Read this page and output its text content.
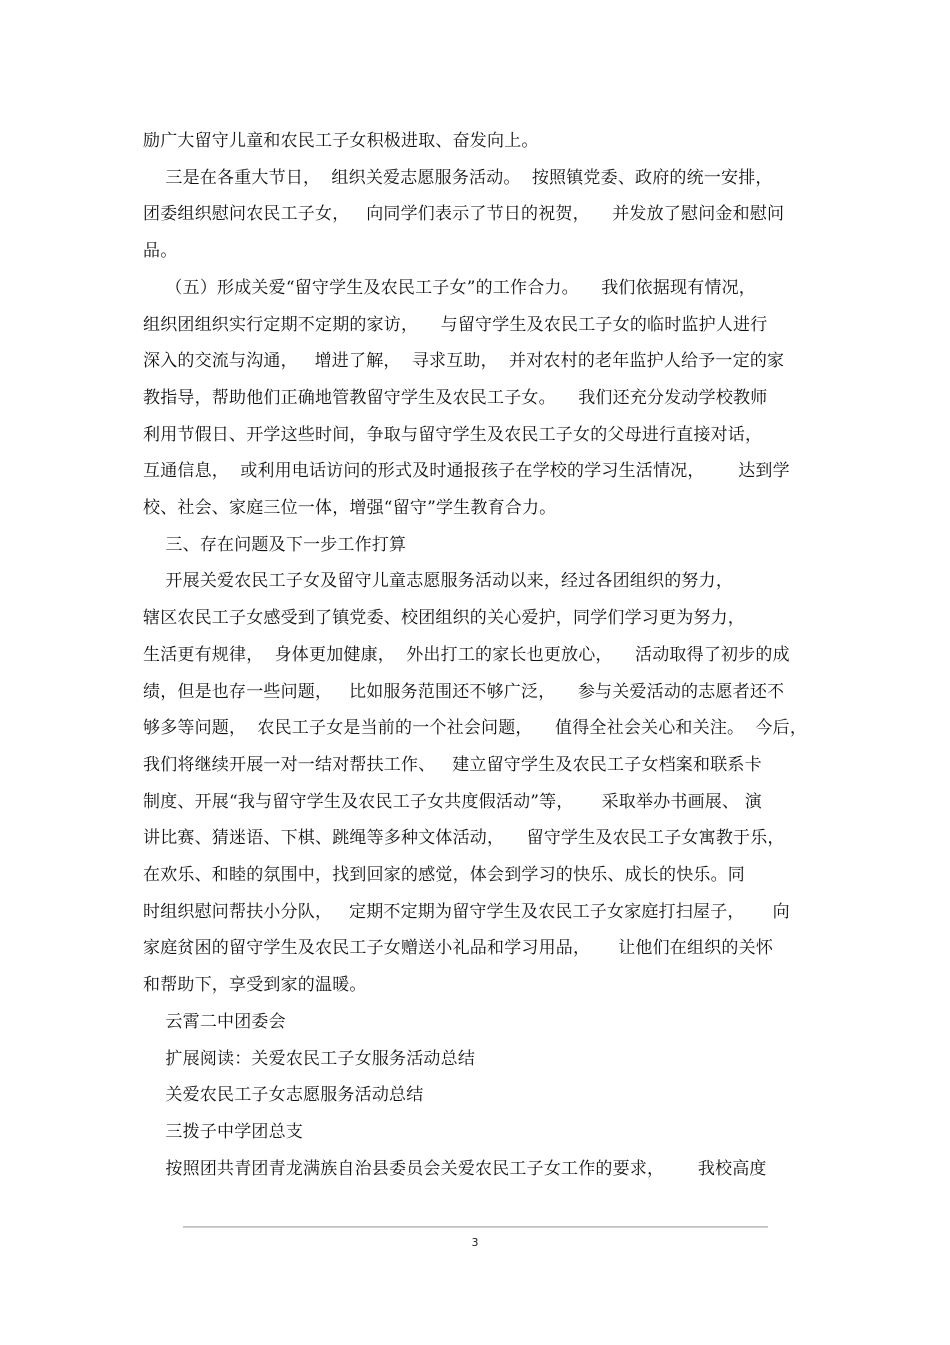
励广大留守儿童和农民工子女积极进取、奋发向上。
三是在各重大节日，  组织关爱志愿服务活动。  按照镇党委、政府的统一安排，
团委组织慰问农民工子女，   向同学们表示了节日的祝贺，    并发放了慰问金和慰问
品。
（五）形成关爱“留守学生及农民工子女”的工作合力。    我们依据现有情况，
组织团组织实行定期不定期的家访，    与留守学生及农民工子女的临时监护人进行
深入的交流与沟通，   增进了解，  寻求互助，  并对农村的老年监护人给予一定的家
教指导，帮助他们正确地管教留守学生及农民工子女。    我们还充分发动学校教师
利用节假日、开学这些时间，争取与留守学生及农民工子女的父母进行直接对话，
互通信息，  或利用电话访问的形式及时通报孩子在学校的学习生活情况，      达到学
校、社会、家庭三位一体，增强“留守”学生教育合力。
三、存在问题及下一步工作打算
开展关爱农民工子女及留守儿童志愿服务活动以来，经过各团组织的努力，
辖区农民工子女感受到了镇党委、校团组织的关心爱护，同学们学习更为努力，
生活更有规律，  身体更加健康，  外出打工的家长也更放心，    活动取得了初步的成
绩，但是也存一些问题，   比如服务范围还不够广泛，    参与关爱活动的志愿者还不
够多等问题，  农民工子女是当前的一个社会问题，    值得全社会关心和关注。  今后，
我们将继续开展一对一结对帮扶工作、   建立留守学生及农民工子女档案和联系卡
制度、开展“我与留守学生及农民工子女共度假活动”等，     采取举办书画展、 演
讲比赛、猜迷语、下棋、跳绳等多种文体活动，    留守学生及农民工子女寓教于乐，
在欢乐、和睦的氛围中，找到回家的感觉，体会到学习的快乐、成长的快乐。同
时组织慰问帮扶小分队，   定期不定期为留守学生及农民工子女家庭打扫屋子，     向
家庭贫困的留守学生及农民工子女赠送小礼品和学习用品，     让他们在组织的关怀
和帮助下，享受到家的温暖。
云霄二中团委会
扩展阅读：关爱农民工子女服务活动总结
关爱农民工子女志愿服务活动总结
三拨子中学团总支
按照团共青团青龙满族自治县委员会关爱农民工子女工作的要求，      我校高度
3
